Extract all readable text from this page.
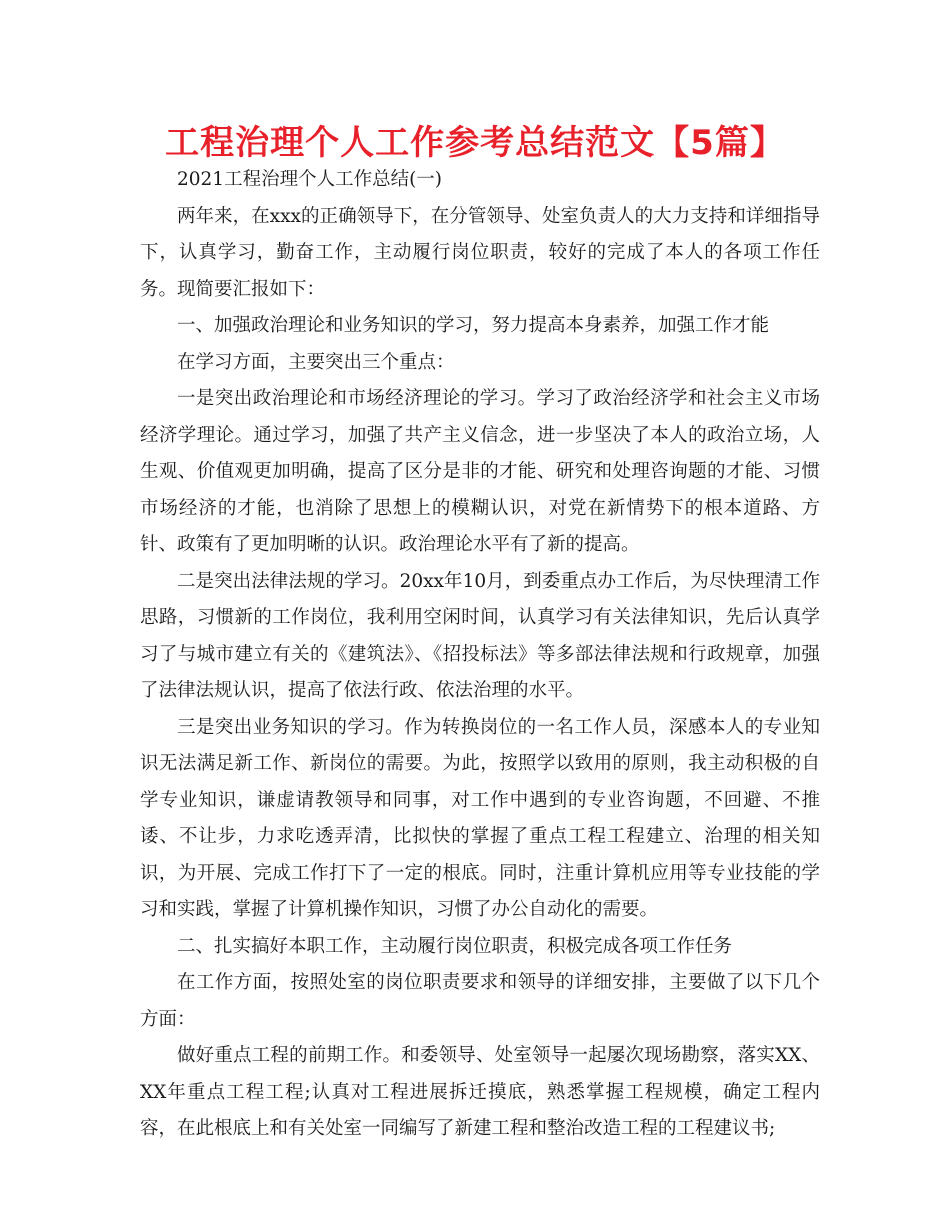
工程治理个人工作参考总结范文【5篇】

2021工程治理个人工作总结(一)

两年来，在xxx的正确领导下，在分管领导、处室负责人的大力支持和详细指导下，认真学习，勤奋工作，主动履行岗位职责，较好的完成了本人的各项工作任务。现简要汇报如下：

一、加强政治理论和业务知识的学习，努力提高本身素养，加强工作才能

在学习方面，主要突出三个重点：

一是突出政治理论和市场经济理论的学习。学习了政治经济学和社会主义市场经济学理论。通过学习，加强了共产主义信念，进一步坚决了本人的政治立场，人生观、价值观更加明确，提高了区分是非的才能、研究和处理咨询题的才能、习惯市场经济的才能，也消除了思想上的模糊认识，对党在新情势下的根本道路、方针、政策有了更加明晰的认识。政治理论水平有了新的提高。

二是突出法律法规的学习。20xx年10月，到委重点办工作后，为尽快理清工作思路，习惯新的工作岗位，我利用空闲时间，认真学习有关法律知识，先后认真学习了与城市建立有关的《建筑法》、《招投标法》等多部法律法规和行政规章，加强了法律法规认识，提高了依法行政、依法治理的水平。

三是突出业务知识的学习。作为转换岗位的一名工作人员，深感本人的专业知识无法满足新工作、新岗位的需要。为此，按照学以致用的原则，我主动积极的自学专业知识，谦虚请教领导和同事，对工作中遇到的专业咨询题，不回避、不推诿、不让步，力求吃透弄清，比拟快的掌握了重点工程工程建立、治理的相关知识，为开展、完成工作打下了一定的根底。同时，注重计算机应用等专业技能的学习和实践，掌握了计算机操作知识，习惯了办公自动化的需要。

二、扎实搞好本职工作，主动履行岗位职责，积极完成各项工作任务

在工作方面，按照处室的岗位职责要求和领导的详细安排，主要做了以下几个方面：

做好重点工程的前期工作。和委领导、处室领导一起屡次现场勘察，落实XX、XX年重点工程工程;认真对工程进展拆迁摸底，熟悉掌握工程规模，确定工程内容，在此根底上和有关处室一同编写了新建工程和整治改造工程的工程建议书;
